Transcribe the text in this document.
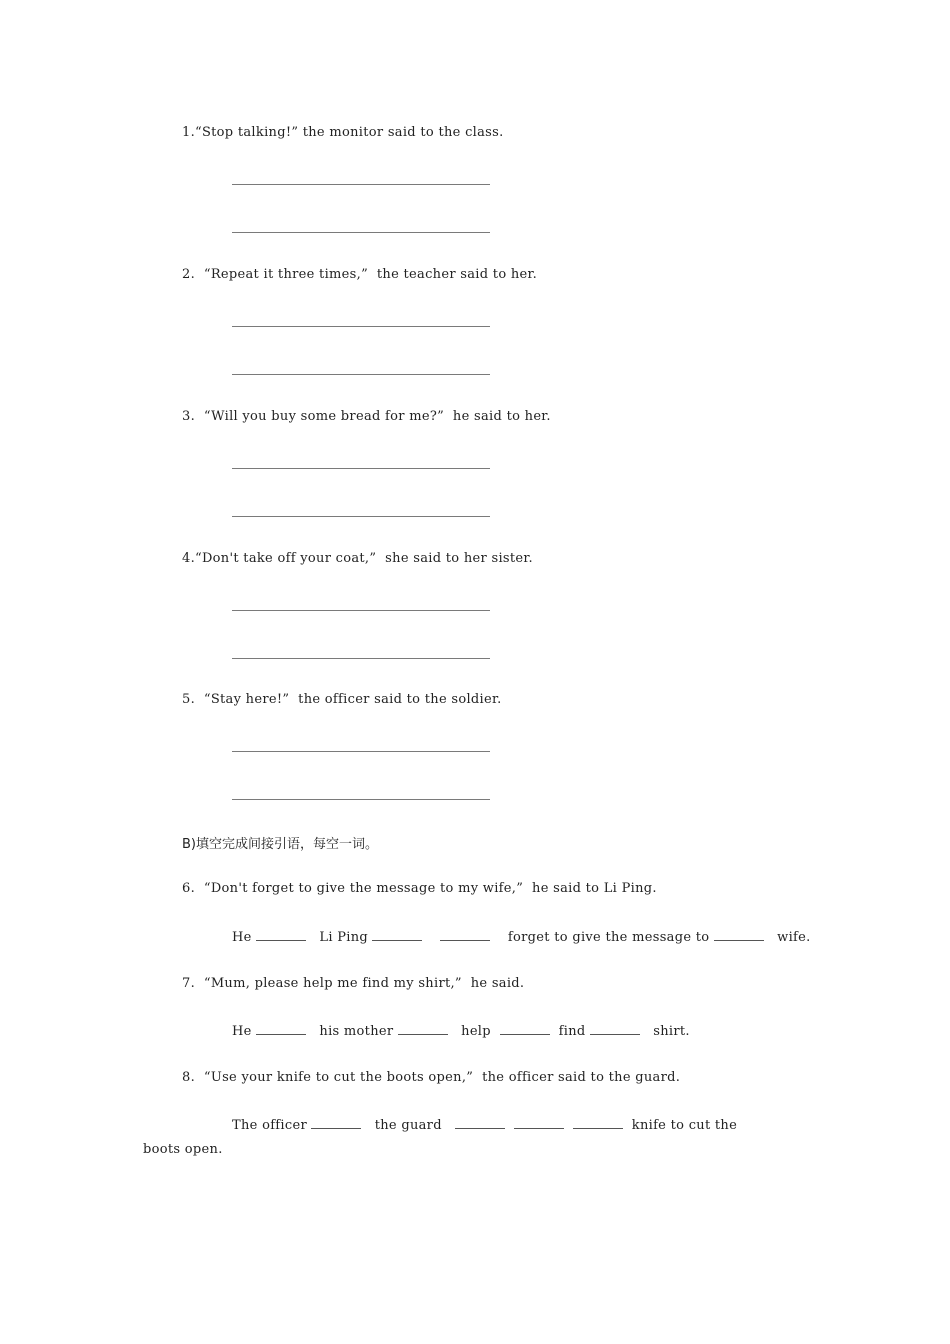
1.“Stop talking!” the monitor said to the class.
2.  “Repeat it three times,”  the teacher said to her.
3.  “Will you buy some bread for me?”  he said to her.
4.“Don't take off your coat,”  she said to her sister.
5.  “Stay here!”  the officer said to the soldier.
B)填空完成间接引语，每空一词。
6.  “Don't forget to give the message to my wife,”  he said to Li Ping.
He	Li Ping	forget to give the message to	wife.
7.  “Mum, please help me find my shirt,”  he said.
He	his mother	help	find	shirt.
8.  “Use your knife to cut the boots open,”  the officer said to the guard.
The officer	the guard	knife to cut the
boots open.
